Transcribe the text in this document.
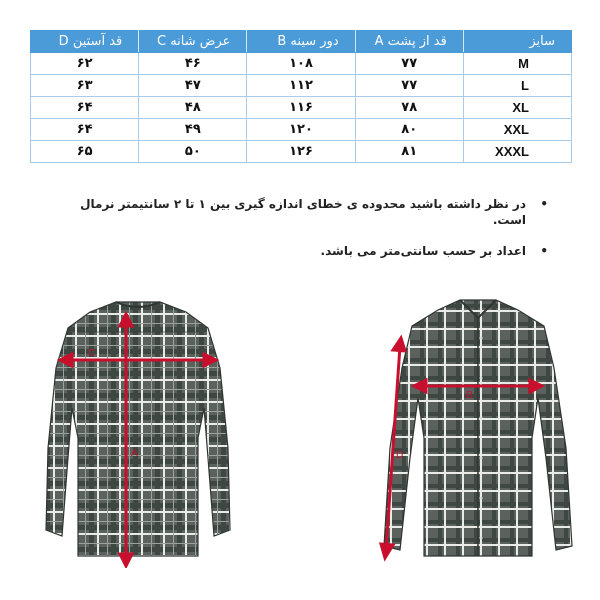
سایز	قد از پشت A	دور سینه B	عرض شانه C	قد آستین D
M	۷۷	۱۰۸	۴۶	۶۲
L	۷۷	۱۱۲	۴۷	۶۳
XL	۷۸	۱۱۶	۴۸	۶۴
XXL	۸۰	۱۲۰	۴۹	۶۴
XXXL	۸۱	۱۲۶	۵۰	۶۵
•
در نظر داشته باشید محدوده ی خطای اندازه گیری بین ۱ تا ۲ سانتیمتر نرمال است.
•
اعداد بر حسب سانتی‌متر می باشد.
C
A
B
D
